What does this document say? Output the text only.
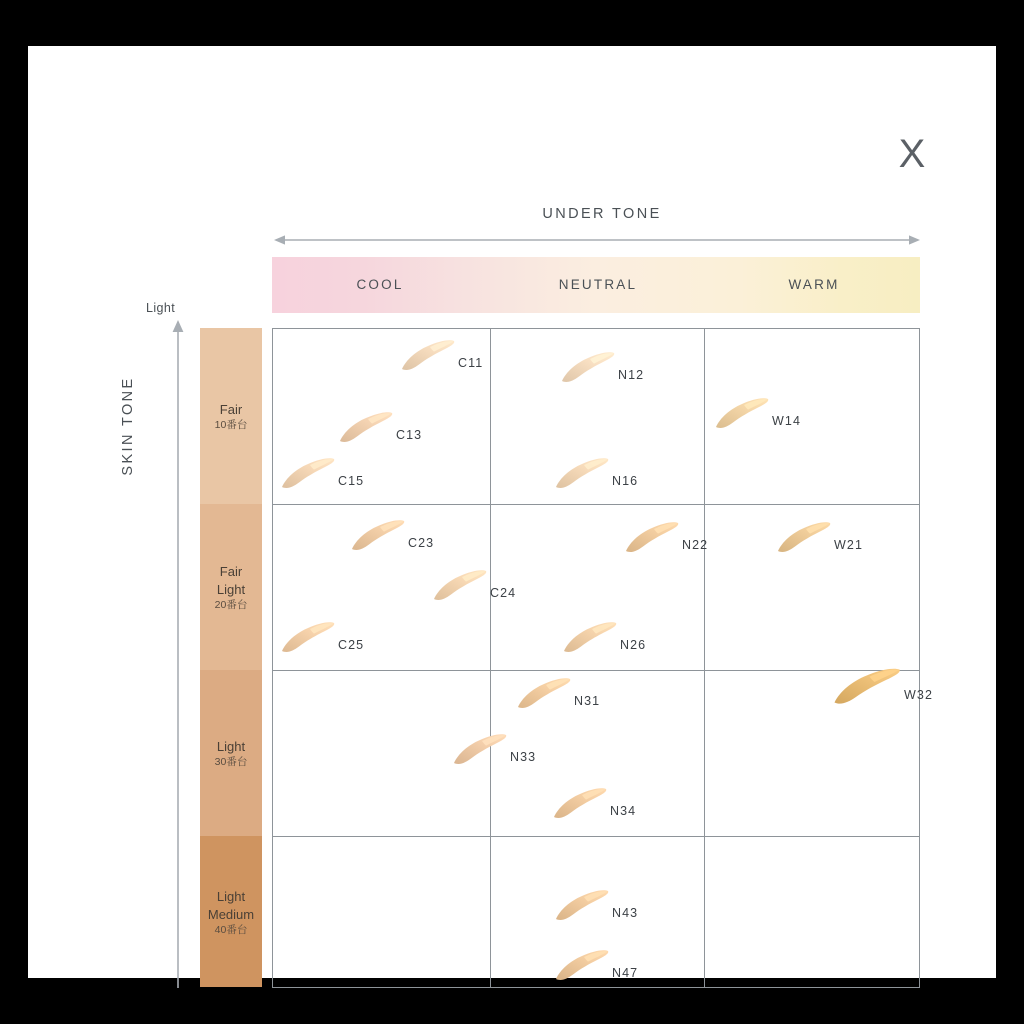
X
UNDER TONE
COOL	NEUTRAL	WARM
SKIN TONE
Light
Fair
10番台
Fair
Light
20番台
Light
30番台
Light
Medium
40番台
C11
C13
C15
N12
N16
W14
C23
C24
C25
N22
N26
W21
N31
N33
N34
W32
N43
N47
